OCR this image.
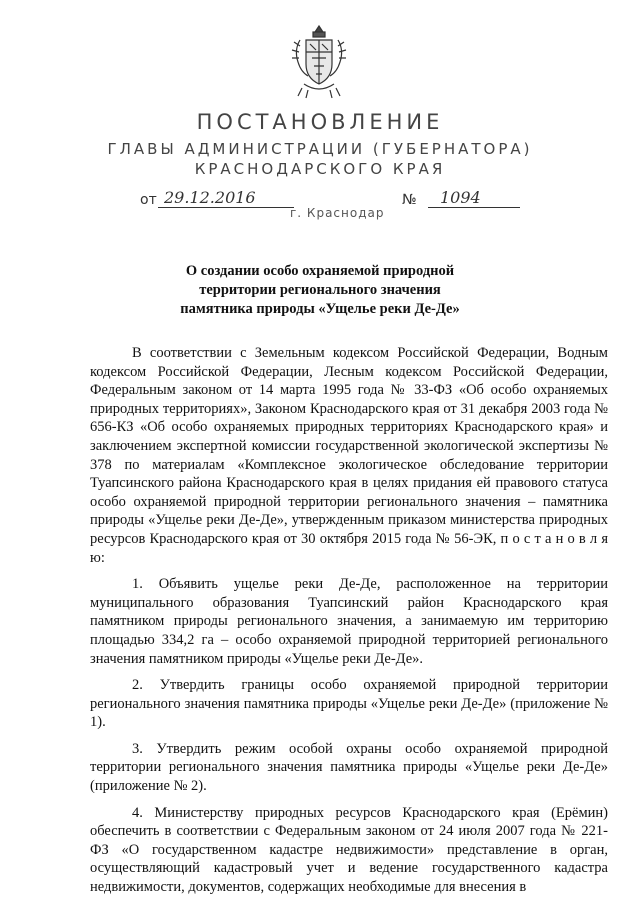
ПОСТАНОВЛЕНИЕ
ГЛАВЫ АДМИНИСТРАЦИИ (ГУБЕРНАТОРА)
КРАСНОДАРСКОГО КРАЯ
от 29.12.2016	№	1094
г. Краснодар
О создании особо охраняемой природной
территории регионального значения
памятника природы «Ущелье реки Де-Де»

В соответствии с Земельным кодексом Российской Федерации, Водным кодексом Российской Федерации, Лесным кодексом Российской Федерации, Федеральным законом от 14 марта 1995 года № 33-ФЗ «Об особо охраняемых природных территориях», Законом Краснодарского края от 31 декабря 2003 года № 656-КЗ «Об особо охраняемых природных территориях Краснодарского края» и заключением экспертной комиссии государственной экологической экспертизы № 378 по материалам «Комплексное экологическое обследование территории Туапсинского района Краснодарского края в целях придания ей правового статуса особо охраняемой природной территории регионального значения – памятника природы «Ущелье реки Де-Де», утвержденным приказом министерства природных ресурсов Краснодарского края от 30 октября 2015 года № 56-ЭК, п о с т а н о в л я ю:

1. Объявить ущелье реки Де-Де, расположенное на территории муниципального образования Туапсинский район Краснодарского края памятником природы регионального значения, а занимаемую им территорию площадью 334,2 га – особо охраняемой природной территорией регионального значения памятником природы «Ущелье реки Де-Де».

2. Утвердить границы особо охраняемой природной территории регионального значения памятника природы «Ущелье реки Де-Де» (приложение № 1).

3. Утвердить режим особой охраны особо охраняемой природной территории регионального значения памятника природы «Ущелье реки Де-Де» (приложение № 2).

4. Министерству природных ресурсов Краснодарского края (Ерёмин) обеспечить в соответствии с Федеральным законом от 24 июля 2007 года № 221-ФЗ «О государственном кадастре недвижимости» представление в орган, осуществляющий кадастровый учет и ведение государственного кадастра недвижимости, документов, содержащих необходимые для внесения в
